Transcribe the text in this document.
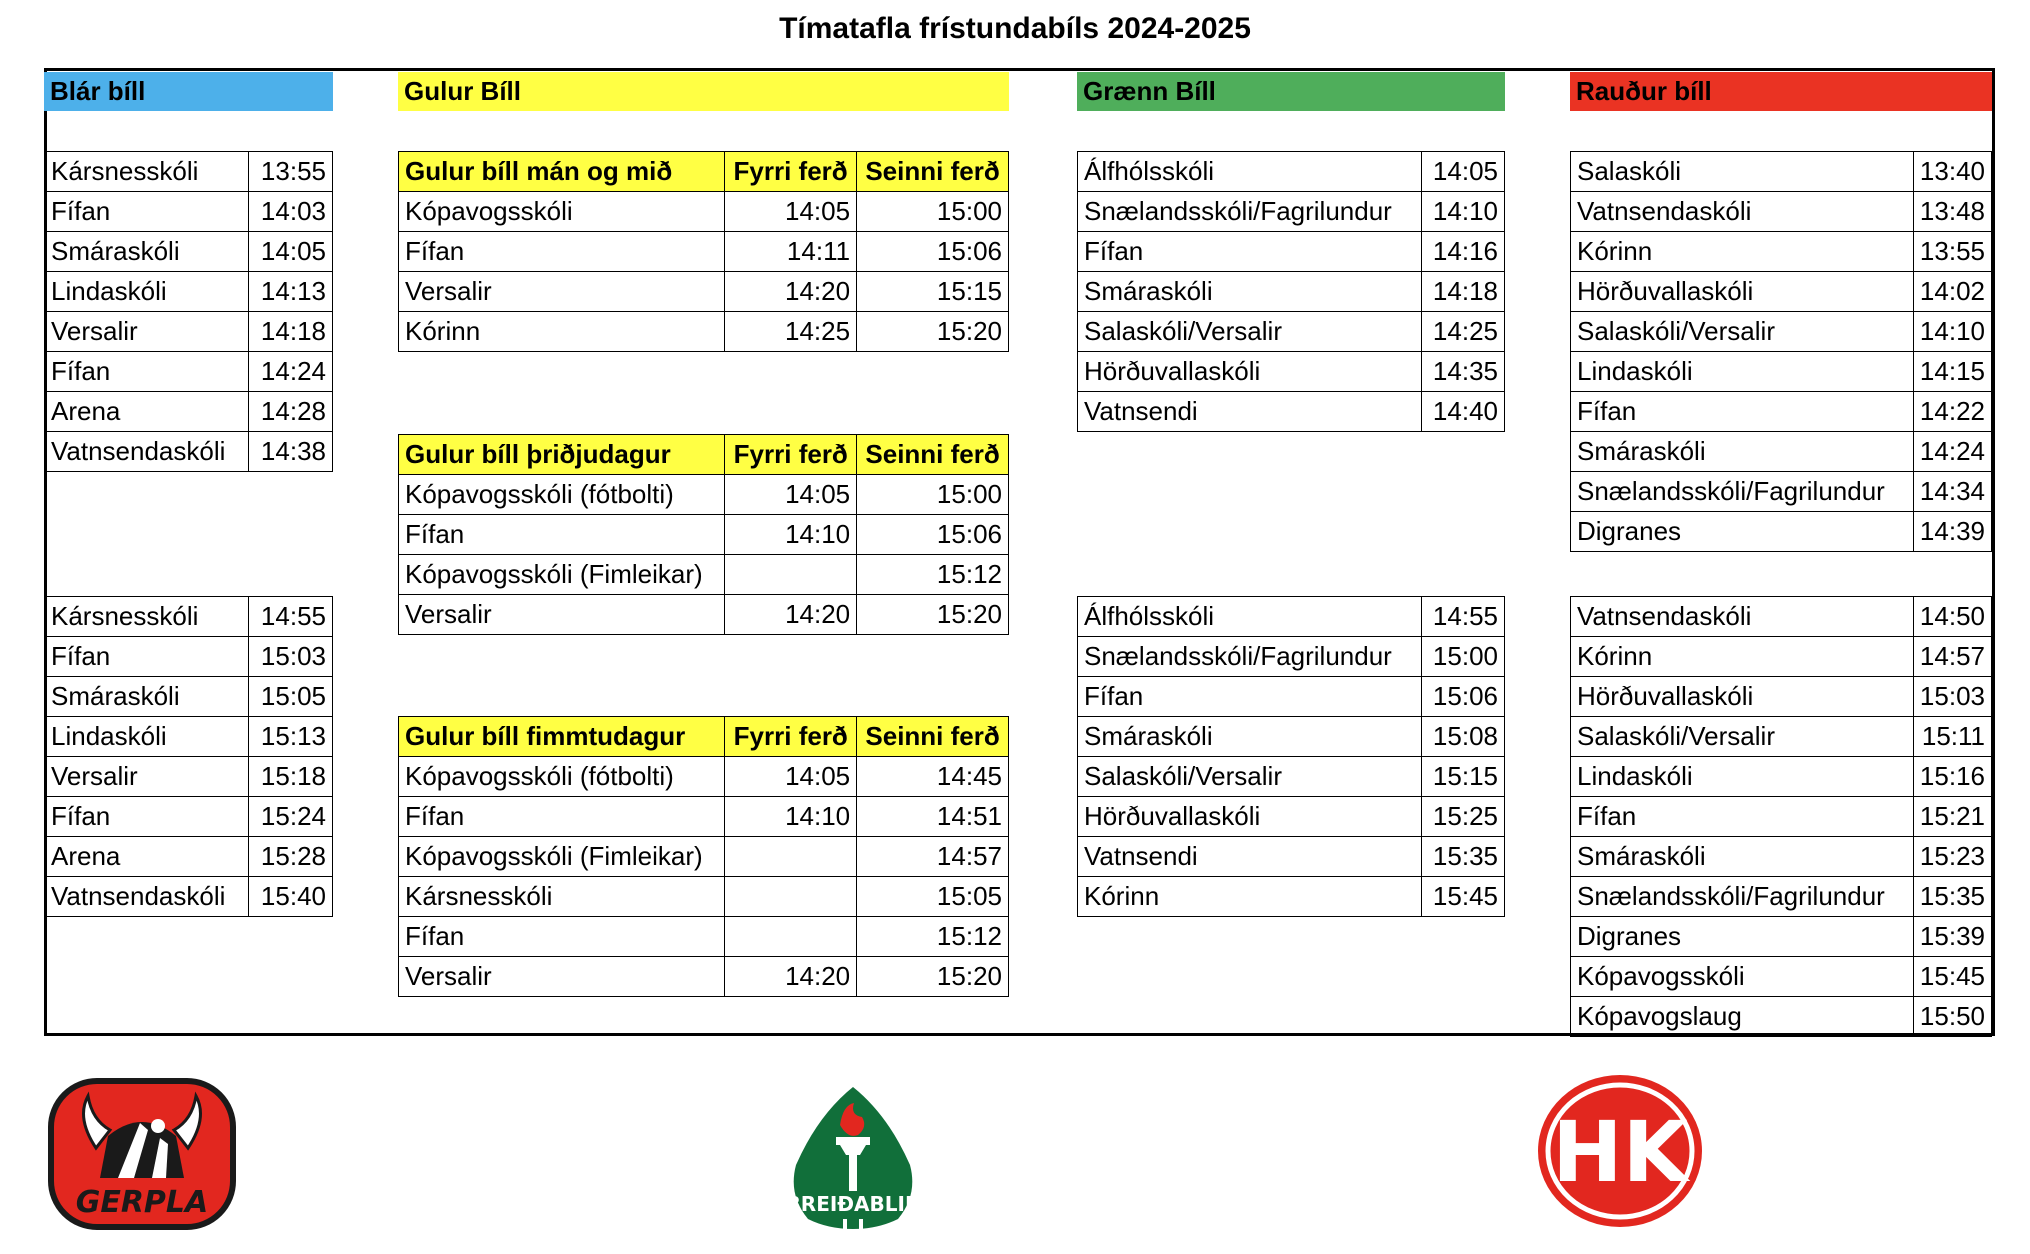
Tímatafla frístundabíls 2024-2025
Blár bíll	Gulur Bíll	Grænn Bíll	Rauður bíll
Kársnesskóli	13:55
Fífan	14:03
Smáraskóli	14:05
Lindaskóli	14:13
Versalir	14:18
Fífan	14:24
Arena	14:28
Vatnsendaskóli	14:38
Kársnesskóli	14:55
Fífan	15:03
Smáraskóli	15:05
Lindaskóli	15:13
Versalir	15:18
Fífan	15:24
Arena	15:28
Vatnsendaskóli	15:40
Gulur bíll mán og mið	Fyrri ferð	Seinni ferð
Kópavogsskóli	14:05	15:00
Fífan	14:11	15:06
Versalir	14:20	15:15
Kórinn	14:25	15:20
Gulur bíll þriðjudagur	Fyrri ferð	Seinni ferð
Kópavogsskóli (fótbolti)	14:05	15:00
Fífan	14:10	15:06
Kópavogsskóli (Fimleikar)		15:12
Versalir	14:20	15:20
Gulur bíll fimmtudagur	Fyrri ferð	Seinni ferð
Kópavogsskóli (fótbolti)	14:05	14:45
Fífan	14:10	14:51
Kópavogsskóli (Fimleikar)		14:57
Kársnesskóli		15:05
Fífan		15:12
Versalir	14:20	15:20
Álfhólsskóli	14:05
Snælandsskóli/Fagrilundur	14:10
Fífan	14:16
Smáraskóli	14:18
Salaskóli/Versalir	14:25
Hörðuvallaskóli	14:35
Vatnsendi	14:40
Álfhólsskóli	14:55
Snælandsskóli/Fagrilundur	15:00
Fífan	15:06
Smáraskóli	15:08
Salaskóli/Versalir	15:15
Hörðuvallaskóli	15:25
Vatnsendi	15:35
Kórinn	15:45
Salaskóli	13:40
Vatnsendaskóli	13:48
Kórinn	13:55
Hörðuvallaskóli	14:02
Salaskóli/Versalir	14:10
Lindaskóli	14:15
Fífan	14:22
Smáraskóli	14:24
Snælandsskóli/Fagrilundur	14:34
Digranes	14:39
Vatnsendaskóli	14:50
Kórinn	14:57
Hörðuvallaskóli	15:03
Salaskóli/Versalir	15:11
Lindaskóli	15:16
Fífan	15:21
Smáraskóli	15:23
Snælandsskóli/Fagrilundur	15:35
Digranes	15:39
Kópavogsskóli	15:45
Kópavogslaug	15:50
GERPLA	BREIÐABLIK
HK
